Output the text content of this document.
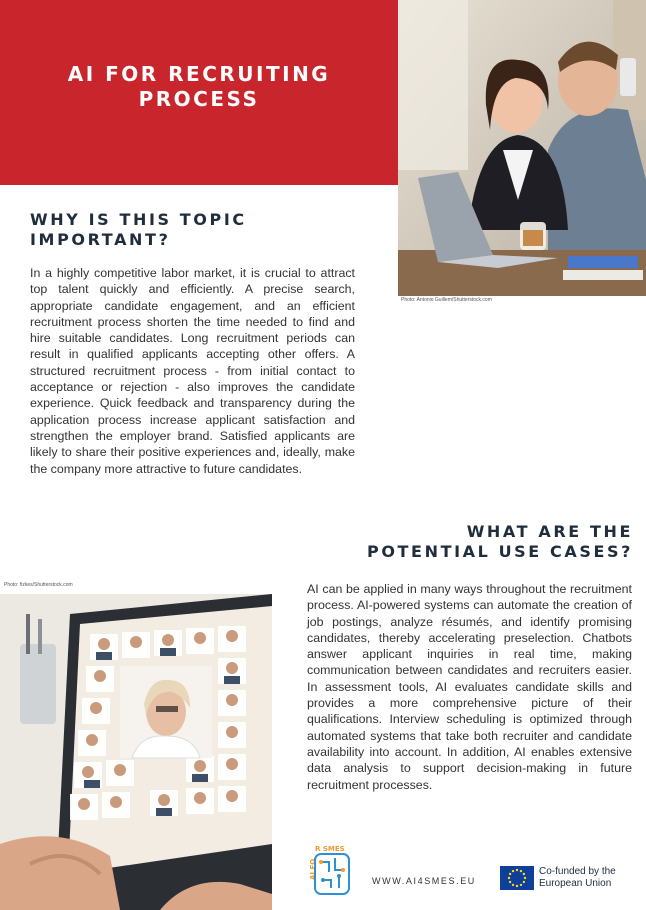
AI FOR RECRUITING
PROCESS
Photo: Antonio Guillem/Shutterstock.com
WHY IS THIS TOPIC
IMPORTANT?
In a highly competitive labor market, it is crucial to attract top talent quickly and efficiently. A precise search, appropriate candidate engagement, and an efficient recruitment process shorten the time needed to find and hire suitable candidates. Long recruitment periods can result in qualified applicants accepting other offers. A structured recruitment process - from initial contact to acceptance or rejection - also improves the candidate experience. Quick feedback and transparency during the application process increase applicant satisfaction and strengthen the employer brand. Satisfied applicants are likely to share their positive experiences and, ideally, make the company more attractive to future candidates.
WHAT ARE THE
POTENTIAL USE CASES?
AI can be applied in many ways throughout the recruitment process. AI-powered systems can automate the creation of job postings, analyze résumés, and identify promising candidates, thereby accelerating preselection. Chatbots answer applicant inquiries in real time, making communication between candidates and recruiters easier. In assessment tools, AI evaluates candidate skills and provides a more comprehensive picture of their qualifications. Interview scheduling is optimized through automated systems that take both recruiter and candidate availability into account. In addition, AI enables extensive data analysis to support decision-making in future recruitment processes.
Photo: fizkes/Shutterstock.com
R SMES
AI FO
WWW.AI4SMES.EU
Co-funded by the
European Union
